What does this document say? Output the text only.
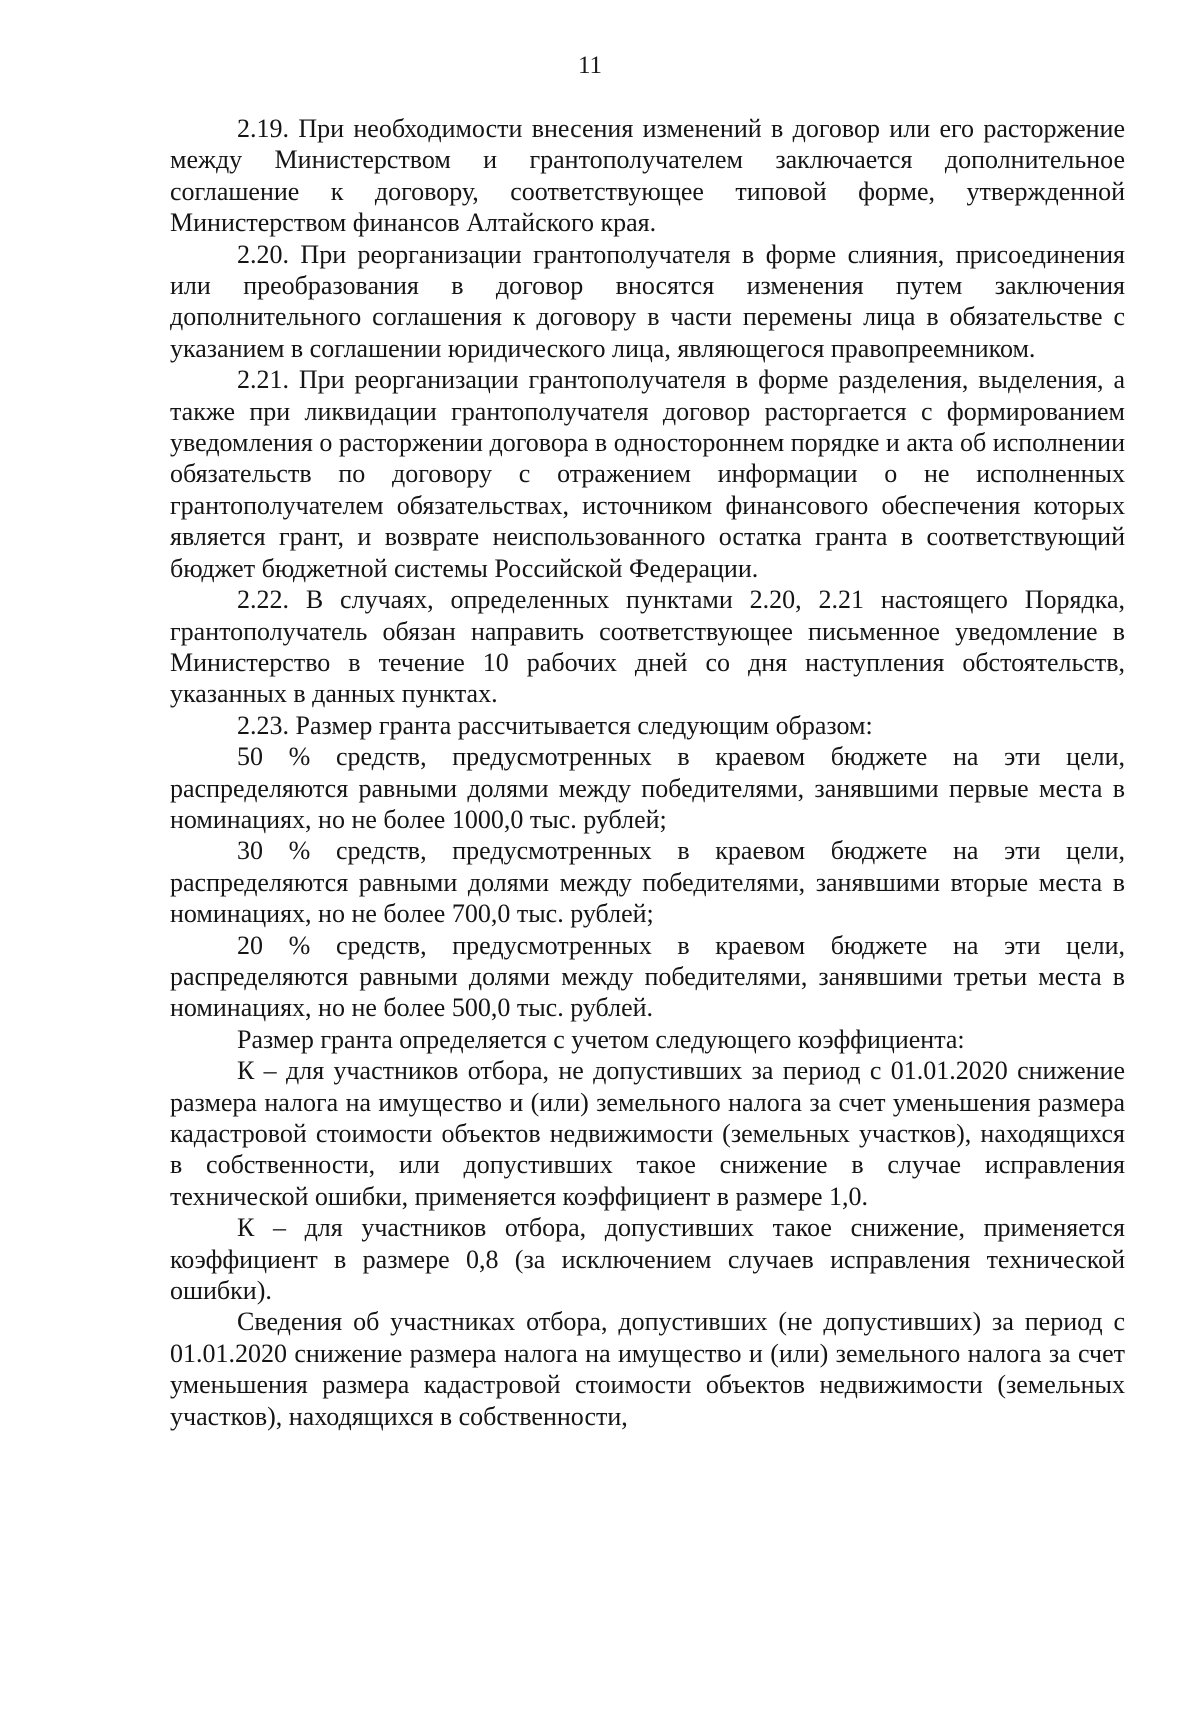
11

2.19. При необходимости внесения изменений в договор или его расторжение между Министерством и грантополучателем заключается дополнительное соглашение к договору, соответствующее типовой форме, утвержденной Министерством финансов Алтайского края.

2.20. При реорганизации грантополучателя в форме слияния, присоединения или преобразования в договор вносятся изменения путем заключения дополнительного соглашения к договору в части перемены лица в обязательстве с указанием в соглашении юридического лица, являющегося правопреемником.

2.21. При реорганизации грантополучателя в форме разделения, выделения, а также при ликвидации грантополучателя договор расторгается с формированием уведомления о расторжении договора в одностороннем порядке и акта об исполнении обязательств по договору с отражением информации о не исполненных грантополучателем обязательствах, источником финансового обеспечения которых является грант, и возврате неиспользованного остатка гранта в соответствующий бюджет бюджетной системы Российской Федерации.

2.22. В случаях, определенных пунктами 2.20, 2.21 настоящего Порядка, грантополучатель обязан направить соответствующее письменное уведомление в Министерство в течение 10 рабочих дней со дня наступления обстоятельств, указанных в данных пунктах.

2.23. Размер гранта рассчитывается следующим образом:

50 % средств, предусмотренных в краевом бюджете на эти цели, распределяются равными долями между победителями, занявшими первые места в номинациях, но не более 1000,0 тыс. рублей;

30 % средств, предусмотренных в краевом бюджете на эти цели, распределяются равными долями между победителями, занявшими вторые места в номинациях, но не более 700,0 тыс. рублей;

20 % средств, предусмотренных в краевом бюджете на эти цели, распределяются равными долями между победителями, занявшими третьи места в номинациях, но не более 500,0 тыс. рублей.

Размер гранта определяется с учетом следующего коэффициента:

К – для участников отбора, не допустивших за период с 01.01.2020 снижение размера налога на имущество и (или) земельного налога за счет уменьшения размера кадастровой стоимости объектов недвижимости (земельных участков), находящихся в собственности, или допустивших такое снижение в случае исправления технической ошибки, применяется коэффициент в размере 1,0.

К – для участников отбора, допустивших такое снижение, применяется коэффициент в размере 0,8 (за исключением случаев исправления технической ошибки).

Сведения об участниках отбора, допустивших (не допустивших) за период с 01.01.2020 снижение размера налога на имущество и (или) земельного налога за счет уменьшения размера кадастровой стоимости объектов недвижимости (земельных участков), находящихся в собственности,
